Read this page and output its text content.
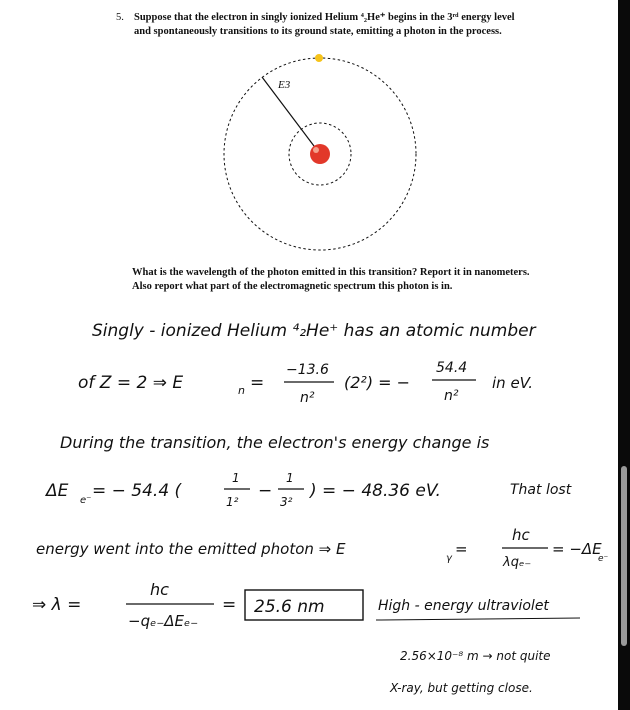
5. Suppose that the electron in singly ionized Helium ⁴₂He⁺ begins in the 3ʳᵈ energy level
and spontaneously transitions to its ground state, emitting a photon in the process.
E3
What is the wavelength of the photon emitted in this transition? Report it in nanometers.
Also report what part of the electromagnetic spectrum this photon is in.
Singly - ionized Helium ⁴₂He⁺ has an atomic number
of Z = 2 ⇒ E	n =
−13.6
n²
(2²) = −
54.4
n²
in eV.
During the transition, the electron's energy change is
ΔE e⁻ = − 54.4 (
1
1²
−
1
3²
) = − 48.36 eV.	That lost
energy went into the emitted photon ⇒ E
γ
=
hc
λqₑ₋
= −ΔE
e⁻
⇒ λ =
hc
−qₑ₋ΔEₑ₋
= 25.6 nm	High - energy ultraviolet
2.56×10⁻⁸ m → not quite
X-ray, but getting close.
